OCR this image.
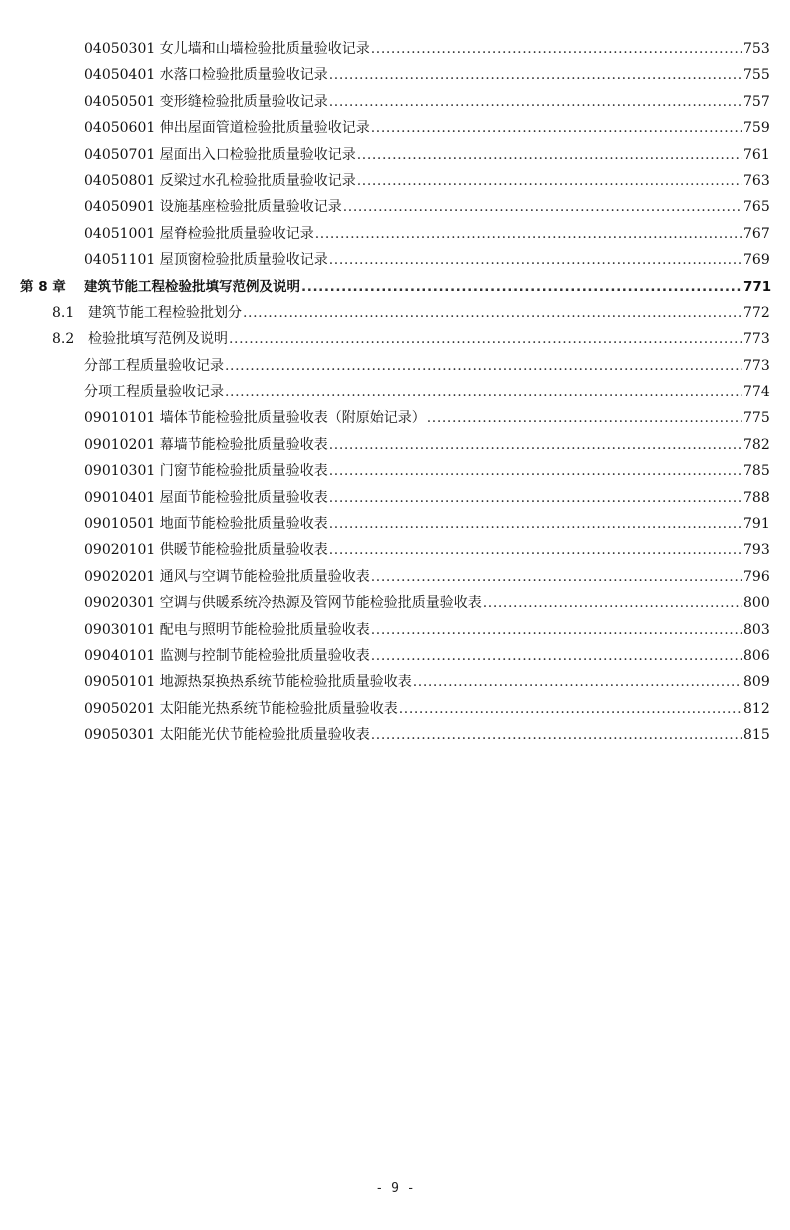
04050301 女儿墙和山墙检验批质量验收记录 .....	753
04050401 水落口检验批质量验收记录 .....	755
04050501 变形缝检验批质量验收记录 .....	757
04050601 伸出屋面管道检验批质量验收记录 .....	759
04050701 屋面出入口检验批质量验收记录 .....	761
04050801 反梁过水孔检验批质量验收记录 .....	763
04050901 设施基座检验批质量验收记录 .....	765
04051001 屋脊检验批质量验收记录 .....	767
04051101 屋顶窗检验批质量验收记录 .....	769
第 8 章	建筑节能工程检验批填写范例及说明 .....	771
8.1 建筑节能工程检验批划分 .....	772
8.2 检验批填写范例及说明 .....	773
分部工程质量验收记录 .....	773
分项工程质量验收记录 .....	774
09010101 墙体节能检验批质量验收表（附原始记录） .....	775
09010201 幕墙节能检验批质量验收表 .....	782
09010301 门窗节能检验批质量验收表 .....	785
09010401 屋面节能检验批质量验收表 .....	788
09010501 地面节能检验批质量验收表 .....	791
09020101 供暖节能检验批质量验收表 .....	793
09020201 通风与空调节能检验批质量验收表 .....	796
09020301 空调与供暖系统冷热源及管网节能检验批质量验收表 .....	800
09030101 配电与照明节能检验批质量验收表 .....	803
09040101 监测与控制节能检验批质量验收表 .....	806
09050101 地源热泵换热系统节能检验批质量验收表 .....	809
09050201 太阳能光热系统节能检验批质量验收表 .....	812
09050301 太阳能光伏节能检验批质量验收表 .....	815
- 9 -
